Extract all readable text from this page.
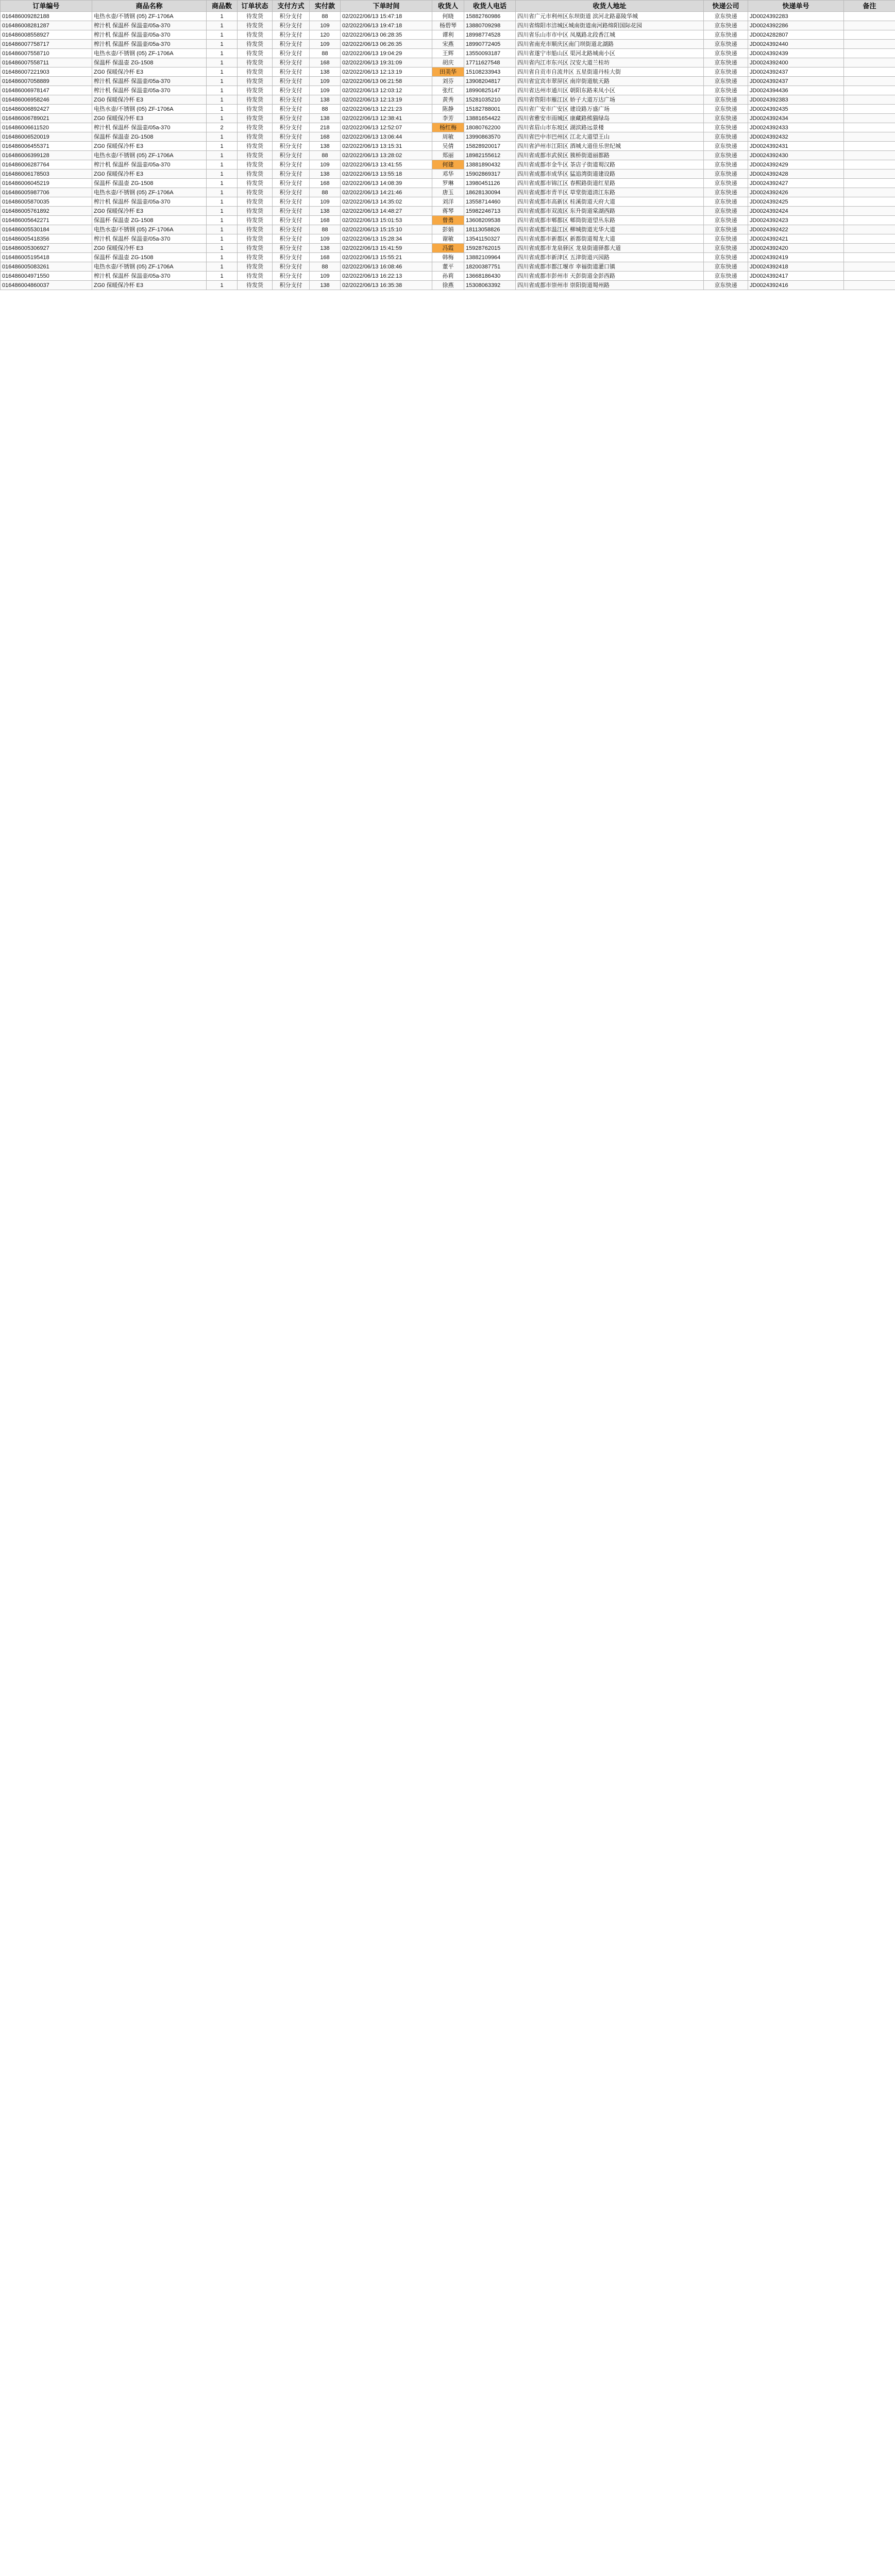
订单编号	商品名称	商品数	订单状态	支付方式	实付款	下单时间	收货人	收货人电话	收货人地址	快递公司	快递单号	备注
016486009282188	电热水壶/不锈钢 (05) ZF-1706A	1	待发货	积分支付	88	02/2022/06/13 15:47:18	何晓	15882760986	四川省广元市利州区东坝街道 滨河北路嘉陵华城	京东快递	JD0024392283	
016486008281287	榨汁机 保温杯 保温壶/05a-370	1	待发货	积分支付	109	02/2022/06/13 19:47:18	杨碧琴	13880709298	四川省绵阳市涪城区城南街道南河路绵阳国际花园	京东快递	JD0024392286	
016486008558927	榨汁机 保温杯 保温壶/05a-370	1	待发货	积分支付	120	02/2022/06/13 06:28:35	谭利	18998774528	四川省乐山市市中区 凤凰路北段香江城	京东快递	JD0024282807	
016486007758717	榨汁机 保温杯 保温壶/05a-370	1	待发货	积分支付	109	02/2022/06/13 06:26:35	宋燕	18990772405	四川省南充市顺庆区南门坝街道北湖路	京东快递	JD0024392440	
016486007558710	电热水壶/不锈钢 (05) ZF-1706A	1	待发货	积分支付	88	02/2022/06/13 19:04:29	王辉	13550093187	四川省遂宁市船山区 渠河北路城南小区	京东快递	JD0024392439	
016486007558711	保温杯 保温壶 ZG-1508	1	待发货	积分支付	168	02/2022/06/13 19:31:09	胡庆	17711627548	四川省内江市东兴区 汉安大道兰桂坊	京东快递	JD0024392400	
016486007221903	ZG0 保暖保冷杯 E3	1	待发货	积分支付	138	02/2022/06/13 12:13:19	田美华	15108233943	四川省自贡市自流井区 五星街道丹桂大街	京东快递	JD0024392437	
016486007058889	榨汁机 保温杯 保温壶/05a-370	1	待发货	积分支付	109	02/2022/06/13 06:21:58	刘芬	13908204817	四川省宜宾市翠屏区 南岸街道航天路	京东快递	JD0024392437	
016486006978147	榨汁机 保温杯 保温壶/05a-370	1	待发货	积分支付	109	02/2022/06/13 12:03:12	张红	18990825147	四川省达州市通川区 朝阳东路来凤小区	京东快递	JD0024394436	
016486006958246	ZG0 保暖保冷杯 E3	1	待发货	积分支付	138	02/2022/06/13 12:13:19	黄秀	15281035210	四川省资阳市雁江区 娇子大道万达广场	京东快递	JD0024392383	
016486006892427	电热水壶/不锈钢 (05) ZF-1706A	1	待发货	积分支付	88	02/2022/06/13 12:21:23	陈静	15182788001	四川省广安市广安区 建设路万盛广场	京东快递	JD0024392435	
016486006789021	ZG0 保暖保冷杯 E3	1	待发货	积分支付	138	02/2022/06/13 12:38:41	李芳	13881654422	四川省雅安市雨城区 康藏路熊猫绿岛	京东快递	JD0024392434	
016486006611520	榨汁机 保温杯 保温壶/05a-370	2	待发货	积分支付	218	02/2022/06/13 12:52:07	杨红梅	18080762200	四川省眉山市东坡区 湖滨路远景楼	京东快递	JD0024392433	
016486006520019	保温杯 保温壶 ZG-1508	1	待发货	积分支付	168	02/2022/06/13 13:06:44	周敏	13990863570	四川省巴中市巴州区 江北大道望王山	京东快递	JD0024392432	
016486006455371	ZG0 保暖保冷杯 E3	1	待发货	积分支付	138	02/2022/06/13 13:15:31	吴倩	15828920017	四川省泸州市江阳区 酒城大道佳乐世纪城	京东快递	JD0024392431	
016486006399128	电热水壶/不锈钢 (05) ZF-1706A	1	待发货	积分支付	88	02/2022/06/13 13:28:02	郑丽	18982155612	四川省成都市武侯区 簇桥街道丽都路	京东快递	JD0024392430	
016486006287764	榨汁机 保温杯 保温壶/05a-370	1	待发货	积分支付	109	02/2022/06/13 13:41:55	何建	13881890432	四川省成都市金牛区 茶店子街道蜀汉路	京东快递	JD0024392429	
016486006178503	ZG0 保暖保冷杯 E3	1	待发货	积分支付	138	02/2022/06/13 13:55:18	邓华	15902869317	四川省成都市成华区 猛追湾街道建设路	京东快递	JD0024392428	
016486006045219	保温杯 保温壶 ZG-1508	1	待发货	积分支付	168	02/2022/06/13 14:08:39	罗琳	13980451126	四川省成都市锦江区 春熙路街道红星路	京东快递	JD0024392427	
016486005987706	电热水壶/不锈钢 (05) ZF-1706A	1	待发货	积分支付	88	02/2022/06/13 14:21:46	唐玉	18628130094	四川省成都市青羊区 草堂街道清江东路	京东快递	JD0024392426	
016486005870035	榨汁机 保温杯 保温壶/05a-370	1	待发货	积分支付	109	02/2022/06/13 14:35:02	刘洋	13558714460	四川省成都市高新区 桂溪街道天府大道	京东快递	JD0024392425	
016486005761892	ZG0 保暖保冷杯 E3	1	待发货	积分支付	138	02/2022/06/13 14:48:27	蒋琴	15982246713	四川省成都市双流区 东升街道棠湖西路	京东快递	JD0024392424	
016486005642271	保温杯 保温壶 ZG-1508	1	待发货	积分支付	168	02/2022/06/13 15:01:53	曾勇	13608209538	四川省成都市郫都区 郫筒街道望丛东路	京东快递	JD0024392423	
016486005530184	电热水壶/不锈钢 (05) ZF-1706A	1	待发货	积分支付	88	02/2022/06/13 15:15:10	彭娟	18113058826	四川省成都市温江区 柳城街道光华大道	京东快递	JD0024392422	
016486005418356	榨汁机 保温杯 保温壶/05a-370	1	待发货	积分支付	109	02/2022/06/13 15:28:34	谢敏	13541150327	四川省成都市新都区 新都街道蜀龙大道	京东快递	JD0024392421	
016486005306927	ZG0 保暖保冷杯 E3	1	待发货	积分支付	138	02/2022/06/13 15:41:59	冯霞	15928762015	四川省成都市龙泉驿区 龙泉街道驿都大道	京东快递	JD0024392420	
016486005195418	保温杯 保温壶 ZG-1508	1	待发货	积分支付	168	02/2022/06/13 15:55:21	韩梅	13882109964	四川省成都市新津区 五津街道兴园路	京东快递	JD0024392419	
016486005083261	电热水壶/不锈钢 (05) ZF-1706A	1	待发货	积分支付	88	02/2022/06/13 16:08:46	董平	18200387751	四川省成都市都江堰市 幸福街道灌口镇	京东快递	JD0024392418	
016486004971550	榨汁机 保温杯 保温壶/05a-370	1	待发货	积分支付	109	02/2022/06/13 16:22:13	孙莉	13668186430	四川省成都市彭州市 天彭街道金彭西路	京东快递	JD0024392417	
016486004860037	ZG0 保暖保冷杯 E3	1	待发货	积分支付	138	02/2022/06/13 16:35:38	徐燕	15308063392	四川省成都市崇州市 崇阳街道蜀州路	京东快递	JD0024392416	
